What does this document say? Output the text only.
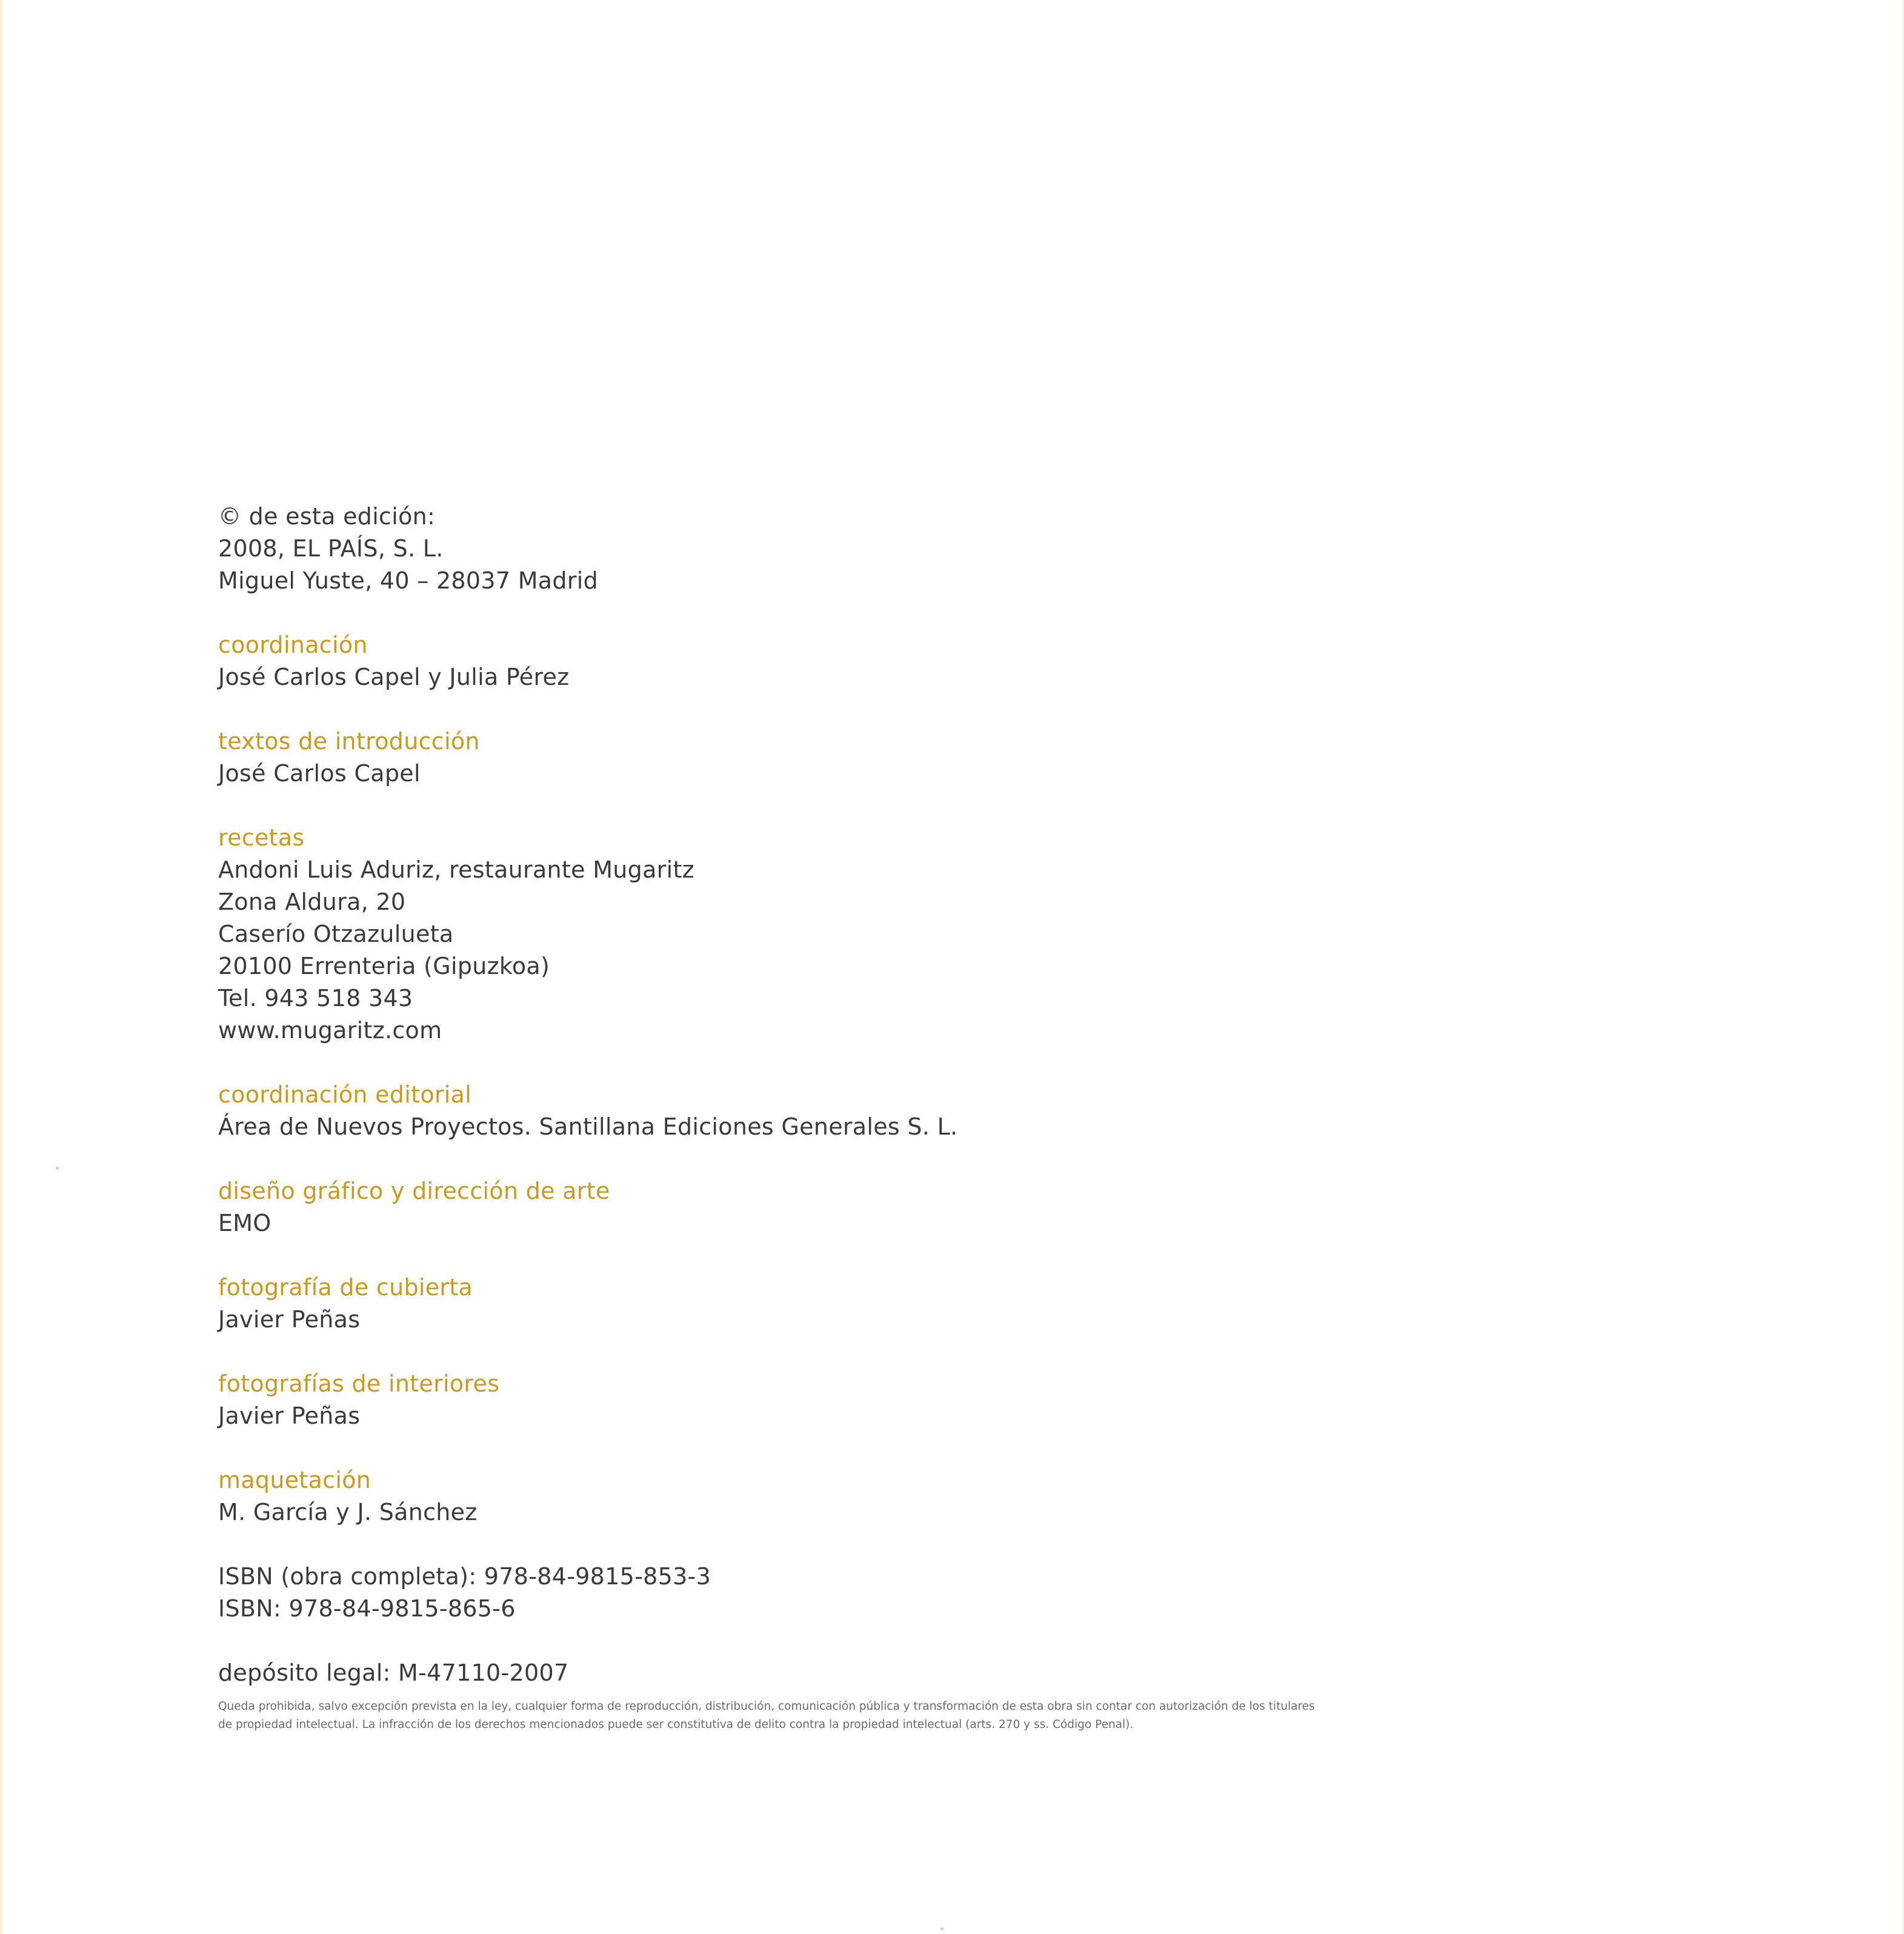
© de esta edición:
2008, EL PAÍS, S. L.
Miguel Yuste, 40 – 28037 Madrid
coordinación
José Carlos Capel y Julia Pérez
textos de introducción
José Carlos Capel
recetas
Andoni Luis Aduriz, restaurante Mugaritz
Zona Aldura, 20
Caserío Otzazulueta
20100 Errenteria (Gipuzkoa)
Tel. 943 518 343
www.mugaritz.com
coordinación editorial
Área de Nuevos Proyectos. Santillana Ediciones Generales S. L.
diseño gráfico y dirección de arte
EMO
fotografía de cubierta
Javier Peñas
fotografías de interiores
Javier Peñas
maquetación
M. García y J. Sánchez
ISBN (obra completa): 978-84-9815-853-3
ISBN: 978-84-9815-865-6
depósito legal: M-47110-2007
Queda prohibida, salvo excepción prevista en la ley, cualquier forma de reproducción, distribución, comunicación pública y transformación de esta obra sin contar con autorización de los titulares
de propiedad intelectual. La infracción de los derechos mencionados puede ser constitutiva de delito contra la propiedad intelectual (arts. 270 y ss. Código Penal).
